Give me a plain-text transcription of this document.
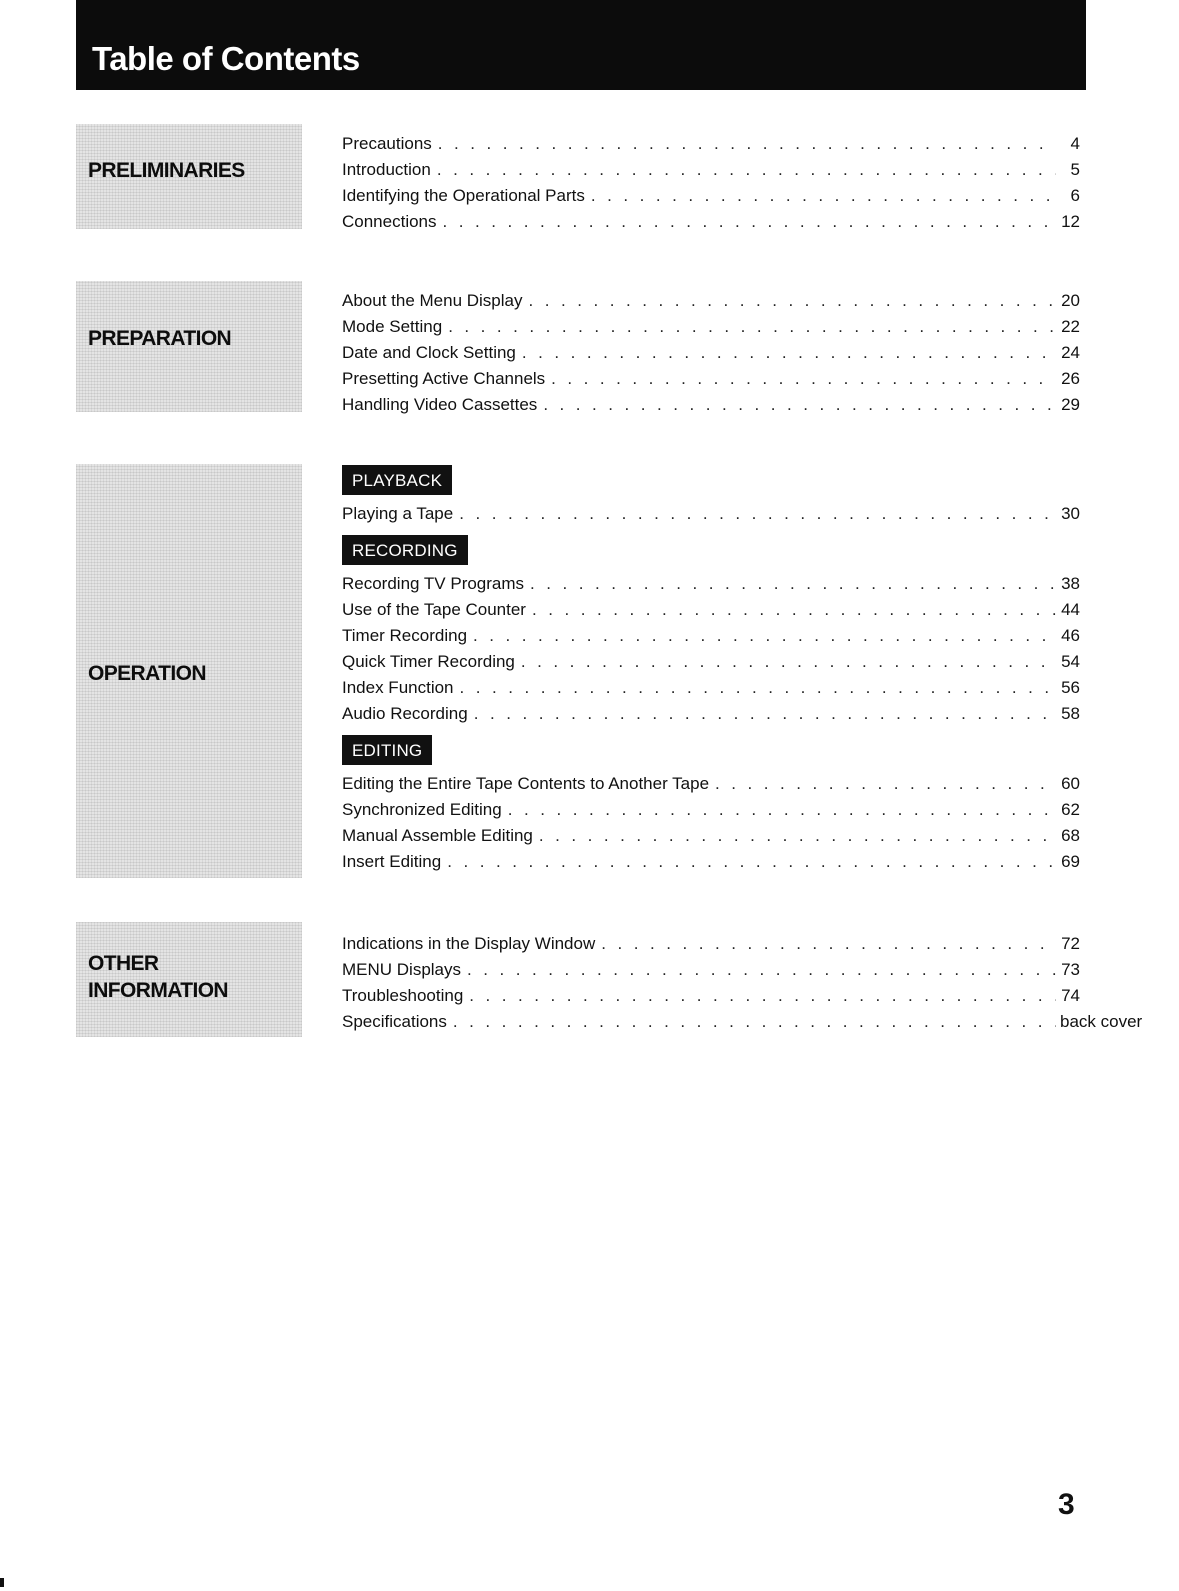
Table of Contents
PRELIMINARIES
Precautions . . .	4
Introduction . . .	5
Identifying the Operational Parts . . .	6
Connections . . .	12
PREPARATION
About the Menu Display . . .	20
Mode Setting . . .	22
Date and Clock Setting . . .	24
Presetting Active Channels . . .	26
Handling Video Cassettes . . .	29
OPERATION
PLAYBACK
Playing a Tape . . .	30
RECORDING
Recording TV Programs . . .	38
Use of the Tape Counter . . .	44
Timer Recording . . .	46
Quick Timer Recording . . .	54
Index Function . . .	56
Audio Recording . . .	58
EDITING
Editing the Entire Tape Contents to Another Tape . . .	60
Synchronized Editing . . .	62
Manual Assemble Editing . . .	68
Insert Editing . . .	69
OTHER
INFORMATION
Indications in the Display Window . . .	72
MENU Displays . . .	73
Troubleshooting . . .	74
Specifications . . .	back cover
3
